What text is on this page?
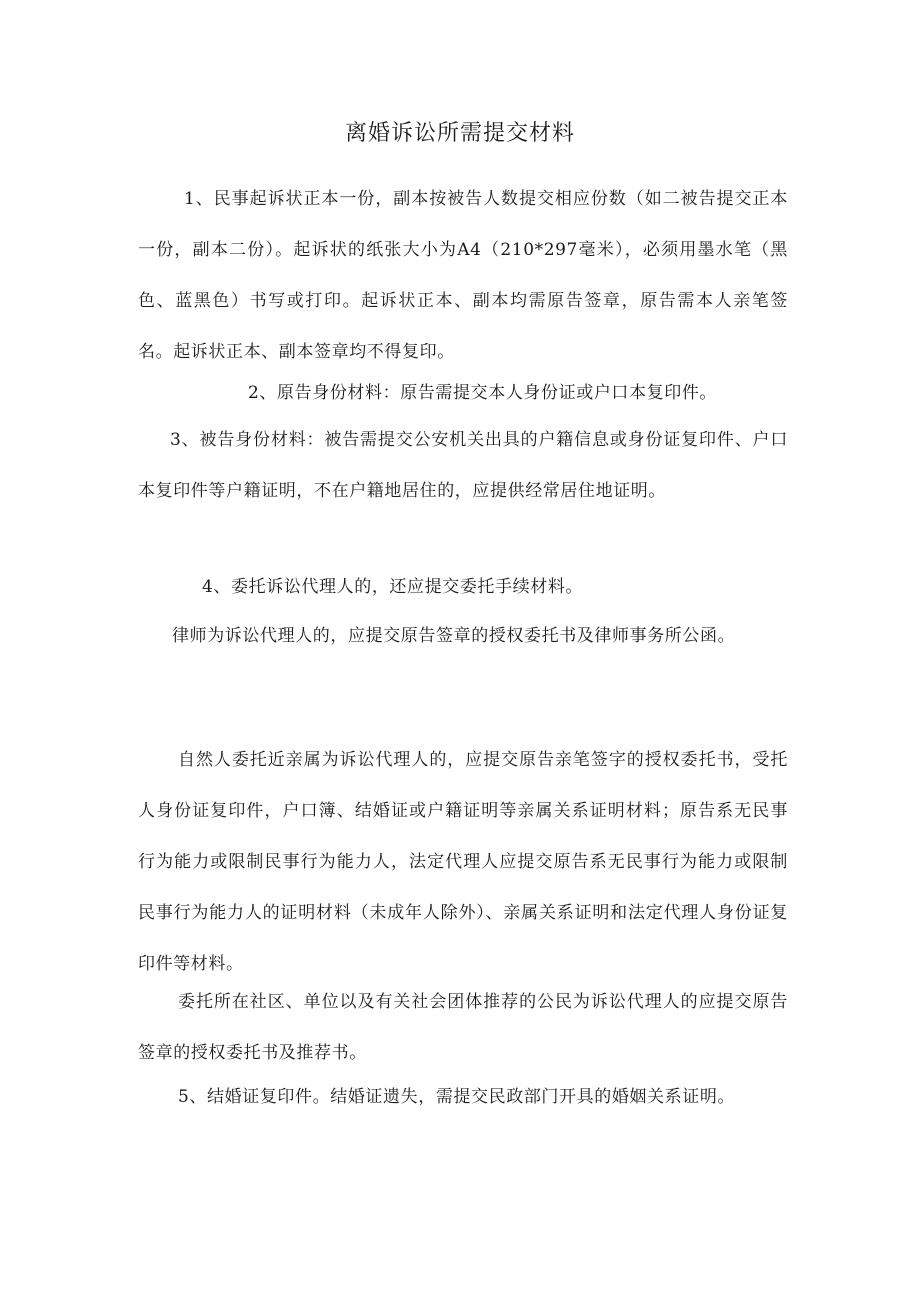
离婚诉讼所需提交材料

1、民事起诉状正本一份，副本按被告人数提交相应份数（如二被告提交正本一份，副本二份）。起诉状的纸张大小为A4（210*297毫米），必须用墨水笔（黑色、蓝黑色）书写或打印。起诉状正本、副本均需原告签章，原告需本人亲笔签名。起诉状正本、副本签章均不得复印。

2、原告身份材料：原告需提交本人身份证或户口本复印件。

3、被告身份材料：被告需提交公安机关出具的户籍信息或身份证复印件、户口本复印件等户籍证明，不在户籍地居住的，应提供经常居住地证明。

4、委托诉讼代理人的，还应提交委托手续材料。

律师为诉讼代理人的，应提交原告签章的授权委托书及律师事务所公函。

自然人委托近亲属为诉讼代理人的，应提交原告亲笔签字的授权委托书，受托人身份证复印件，户口簿、结婚证或户籍证明等亲属关系证明材料；原告系无民事行为能力或限制民事行为能力人，法定代理人应提交原告系无民事行为能力或限制民事行为能力人的证明材料（未成年人除外）、亲属关系证明和法定代理人身份证复印件等材料。

委托所在社区、单位以及有关社会团体推荐的公民为诉讼代理人的应提交原告签章的授权委托书及推荐书。

5、结婚证复印件。结婚证遗失，需提交民政部门开具的婚姻关系证明。
